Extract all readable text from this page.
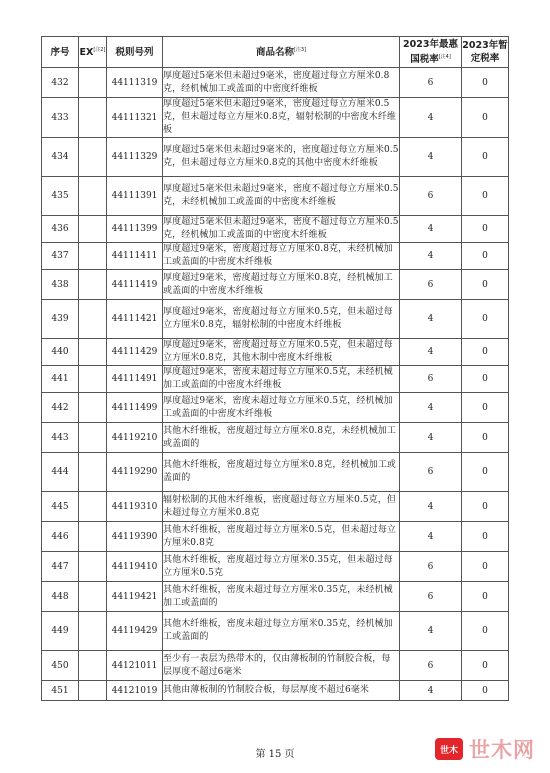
序号	EX[注2]	税则号列	商品名称[注3]	2023年最惠国税率[注4]	2023年暂定税率
432		44111319	厚度超过5毫米但未超过9毫米，密度超过每立方厘米0.8克，经机械加工或盖面的中密度纤维板	6	0
433		44111321	厚度超过5毫米但未超过9毫米，密度超过每立方厘米0.5克，但未超过每立方厘米0.8克，辐射松制的中密度木纤维板	4	0
434		44111329	厚度超过5毫米但未超过9毫米的，密度超过每立方厘米0.5克，但未超过每立方厘米0.8克的其他中密度木纤维板	4	0
435		44111391	厚度超过5毫米但未超过9毫米，密度不超过每立方厘米0.5克，未经机械加工或盖面的中密度木纤维板	6	0
436		44111399	厚度超过5毫米但未超过9毫米，密度不超过每立方厘米0.5克，经机械加工或盖面的中密度木纤维板	4	0
437		44111411	厚度超过9毫米，密度超过每立方厘米0.8克，未经机械加工或盖面的中密度木纤维板	4	0
438		44111419	厚度超过9毫米，密度超过每立方厘米0.8克，经机械加工或盖面的中密度木纤维板	6	0
439		44111421	厚度超过9毫米，密度超过每立方厘米0.5克，但未超过每立方厘米0.8克，辐射松制的中密度木纤维板	4	0
440		44111429	厚度超过9毫米，密度超过每立方厘米0.5克，但未超过每立方厘米0.8克，其他木制中密度木纤维板	4	0
441		44111491	厚度超过9毫米，密度未超过每立方厘米0.5克，未经机械加工或盖面的中密度木纤维板	6	0
442		44111499	厚度超过9毫米，密度未超过每立方厘米0.5克，经机械加工或盖面的中密度木纤维板	4	0
443		44119210	其他木纤维板，密度超过每立方厘米0.8克，未经机械加工或盖面的	4	0
444		44119290	其他木纤维板，密度超过每立方厘米0.8克，经机械加工或盖面的	6	0
445		44119310	辐射松制的其他木纤维板，密度超过每立方厘米0.5克，但未超过每立方厘米0.8克	4	0
446		44119390	其他木纤维板，密度超过每立方厘米0.5克，但未超过每立方厘米0.8克	4	0
447		44119410	其他木纤维板，密度超过每立方厘米0.35克，但未超过每立方厘米0.5克	6	0
448		44119421	其他木纤维板，密度未超过每立方厘米0.35克，未经机械加工或盖面的	6	0
449		44119429	其他木纤维板，密度未超过每立方厘米0.35克，经机械加工或盖面的	4	0
450		44121011	至少有一表层为热带木的，仅由薄板制的竹制胶合板，每层厚度不超过6毫米	6	0
451		44121019	其他由薄板制的竹制胶合板，每层厚度不超过6毫米	4	0
第 15 页	世木 世木网
